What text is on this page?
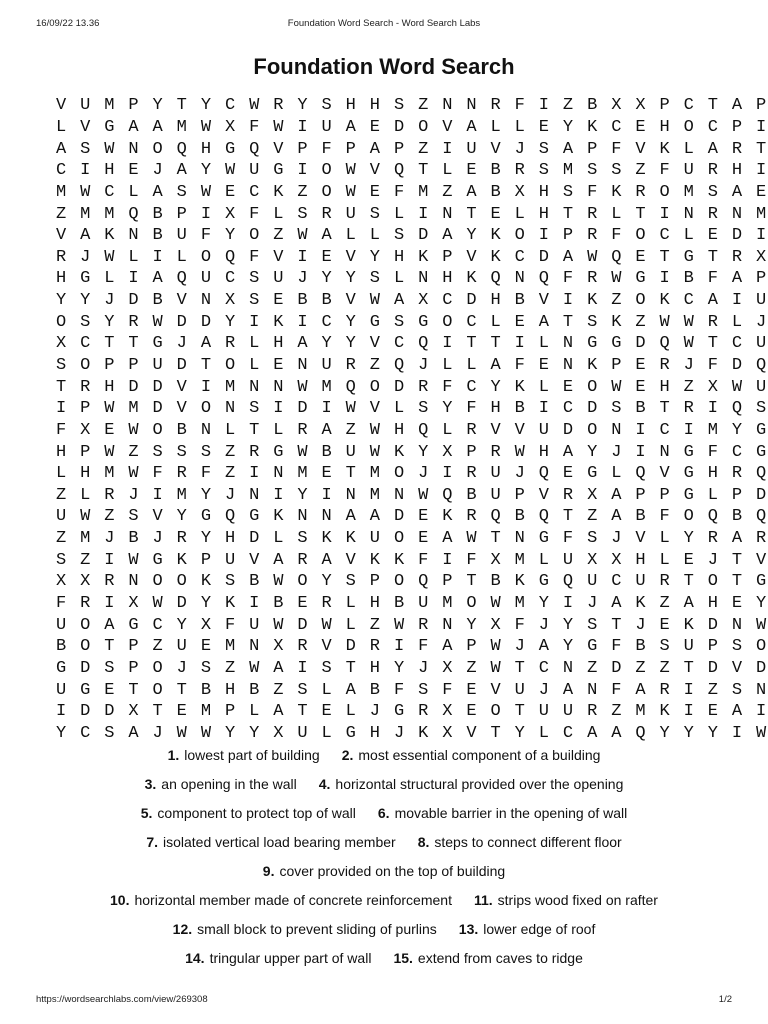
16/09/22 13.36	Foundation Word Search - Word Search Labs
Foundation Word Search
V U M P Y T Y C W R Y S H H S Z N N R F I Z B X X P C T A P
L V G A A M W X F W I U A E D O V A L L E Y K C E H O C P I
A S W N O Q H G Q V P F P A P Z I U V J S A P F V K L A R T
C I H E J A Y W U G I O W V Q T L E B R S M S S Z F U R H I
M W C L A S W E C K Z O W E F M Z A B X H S F K R O M S A E
Z M M Q B P I X F L S R U S L I N T E L H T R L T I N R N M
V A K N B U F Y O Z W A L L S D A Y K O I P R F O C L E D I
R J W L I L O Q F V I E V Y H K P V K C D A W Q E T G T R X
H G L I A Q U C S U J Y Y S L N H K Q N Q F R W G I B F A P
Y Y J D B V N X S E B B V W A X C D H B V I K Z O K C A I U
O S Y R W D D Y I K I C Y G S G O C L E A T S K Z W W R L J
X C T T G J A R L H A Y Y V C Q I T T I L N G G D Q W T C U
S O P P U D T O L E N U R Z Q J L L A F E N K P E R J F D Q
T R H D D V I M N N W M Q O D R F C Y K L E O W E H Z X W U
I P W M D V O N S I D I W V L S Y F H B I C D S B T R I Q S
F X E W O B N L T L R A Z W H Q L R V V U D O N I C I M Y G
H P W Z S S S Z R G W B U W K Y X P R W H A Y J I N G F C G
L H M W F R F Z I N M E T M O J I R U J Q E G L Q V G H R Q
Z L R J I M Y J N I Y I N M N W Q B U P V R X A P P G L P D
U W Z S V Y G Q G K N N A A D E K R Q B Q T Z A B F O Q B Q
Z M J B J R Y H D L S K K U O E A W T N G F S J V L Y R A R
S Z I W G K P U V A R A V K K F I F X M L U X X H L E J T V
X X R N O O K S B W O Y S P O Q P T B K G Q U C U R T O T G
F R I X W D Y K I B E R L H B U M O W M Y I J A K Z A H E Y
U O A G C Y X F U W D W L Z W R N Y X F J Y S T J E K D N W
B O T P Z U E M N X R V D R I F A P W J A Y G F B S U P S O
G D S P O J S Z W A I S T H Y J X Z W T C N Z D Z Z T D V D
U G E T O T B H B Z S L A B F S F E V U J A N F A R I Z S N
I D D X T E M P L A T E L J G R X E O T U U R Z M K I E A I
Y C S A J W W Y Y X U L G H J K X V T Y L C A A Q Y Y Y I W
1. lowest part of building 2. most essential component of a building
3. an opening in the wall 4. horizontal structural provided over the opening
5. component to protect top of wall 6. movable barrier in the opening of wall
7. isolated vertical load bearing member 8. steps to connect different floor
9. cover provided on the top of building
10. horizontal member made of concrete reinforcement 11. strips wood fixed on rafter
12. small block to prevent sliding of purlins 13. lower edge of roof
14. tringular upper part of wall 15. extend from caves to ridge
https://wordsearchlabs.com/view/269308	1/2
